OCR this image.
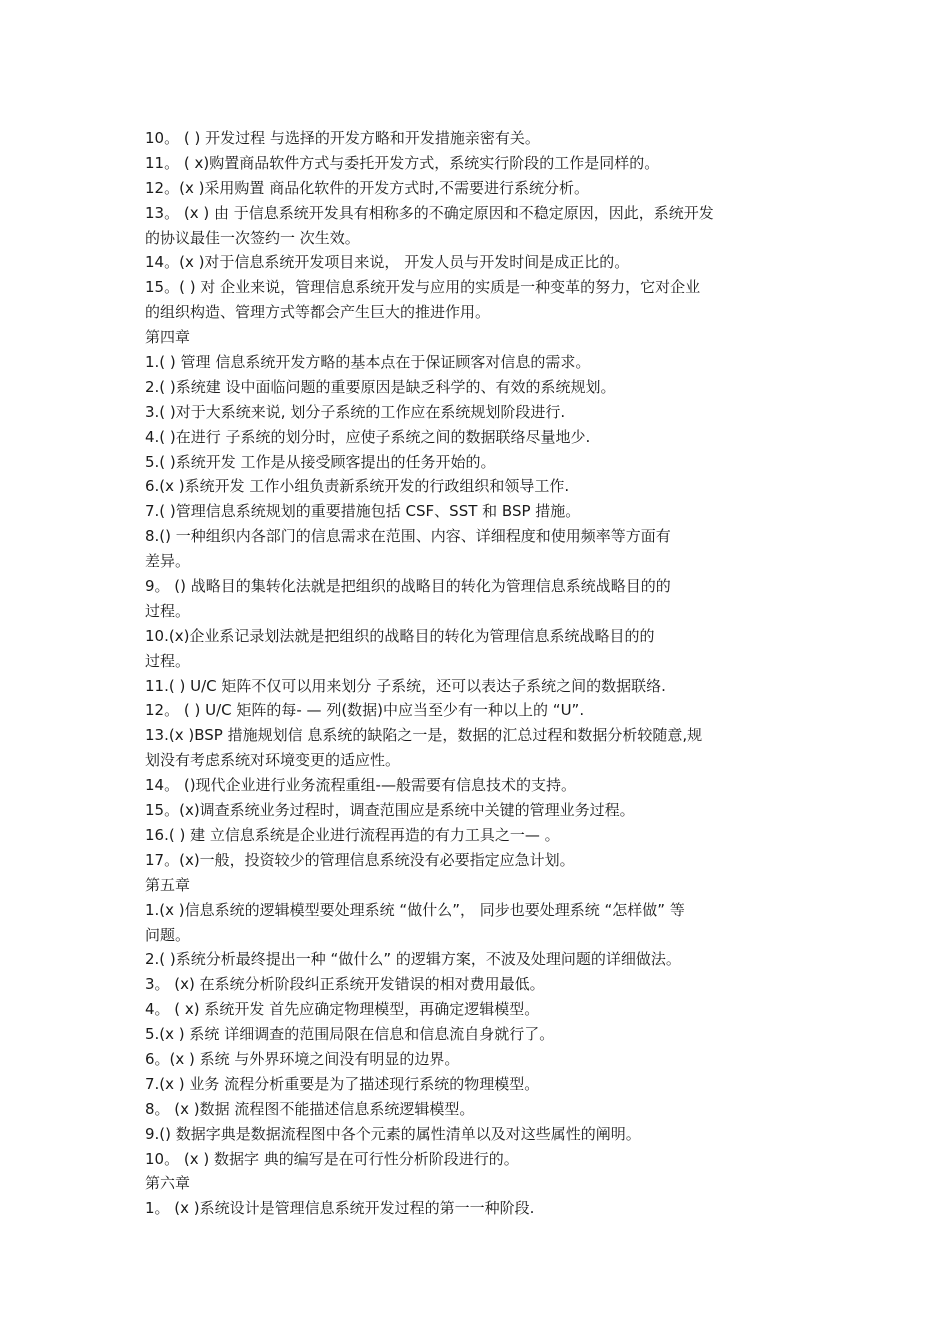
10。 ( ) 开发过程 与选择的开发方略和开发措施亲密有关。
11。 ( x)购置商品软件方式与委托开发方式，系统实行阶段的工作是同样的。
12。(x )采用购置 商品化软件的开发方式时,不需要进行系统分析。
13。 (x ) 由 于信息系统开发具有相称多的不确定原因和不稳定原因，因此，系统开发
的协议最佳一次签约一 次生效。
14。(x )对于信息系统开发项目来说， 开发人员与开发时间是成正比的。
15。( ) 对 企业来说，管理信息系统开发与应用的实质是一种变革的努力，它对企业
的组织构造、管理方式等都会产生巨大的推进作用。
第四章
1.( ) 管理 信息系统开发方略的基本点在于保证顾客对信息的需求。
2.( )系统建 设中面临问题的重要原因是缺乏科学的、有效的系统规划。
3.( )对于大系统来说, 划分子系统的工作应在系统规划阶段进行.
4.( )在进行 子系统的划分时，应使子系统之间的数据联络尽量地少.
5.( )系统开发 工作是从接受顾客提出的任务开始的。
6.(x )系统开发 工作小组负责新系统开发的行政组织和领导工作.
7.( )管理信息系统规划的重要措施包括 CSF、SST 和 BSP 措施。
8.() 一种组织内各部门的信息需求在范围、内容、详细程度和使用频率等方面有
差异。
9。 () 战略目的集转化法就是把组织的战略目的转化为管理信息系统战略目的的
过程。
10.(x)企业系记录划法就是把组织的战略目的转化为管理信息系统战略目的的
过程。
11.( ) U/C 矩阵不仅可以用来划分 子系统，还可以表达子系统之间的数据联络.
12。 ( ) U/C 矩阵的每- — 列(数据)中应当至少有一种以上的 “U”.
13.(x )BSP 措施规划信 息系统的缺陷之一是，数据的汇总过程和数据分析较随意,规
划没有考虑系统对环境变更的适应性。
14。 ()现代企业进行业务流程重组-—般需要有信息技术的支持。
15。(x)调查系统业务过程时，调查范围应是系统中关键的管理业务过程。
16.( ) 建 立信息系统是企业进行流程再造的有力工具之一— 。
17。(x)一般，投资较少的管理信息系统没有必要指定应急计划。
第五章
1.(x )信息系统的逻辑模型要处理系统 “做什么”， 同步也要处理系统 “怎样做” 等
问题。
2.( )系统分析最终提出一种 “做什么” 的逻辑方案，不波及处理问题的详细做法。
3。 (x) 在系统分析阶段纠正系统开发错误的相对费用最低。
4。 ( x) 系统开发 首先应确定物理模型，再确定逻辑模型。
5.(x ) 系统 详细调查的范围局限在信息和信息流自身就行了。
6。(x ) 系统 与外界环境之间没有明显的边界。
7.(x ) 业务 流程分析重要是为了描述现行系统的物理模型。
8。 (x )数据 流程图不能描述信息系统逻辑模型。
9.() 数据字典是数据流程图中各个元素的属性清单以及对这些属性的阐明。
10。 (x ) 数据字 典的编写是在可行性分析阶段进行的。
第六章
1。 (x )系统设计是管理信息系统开发过程的第一一种阶段.
